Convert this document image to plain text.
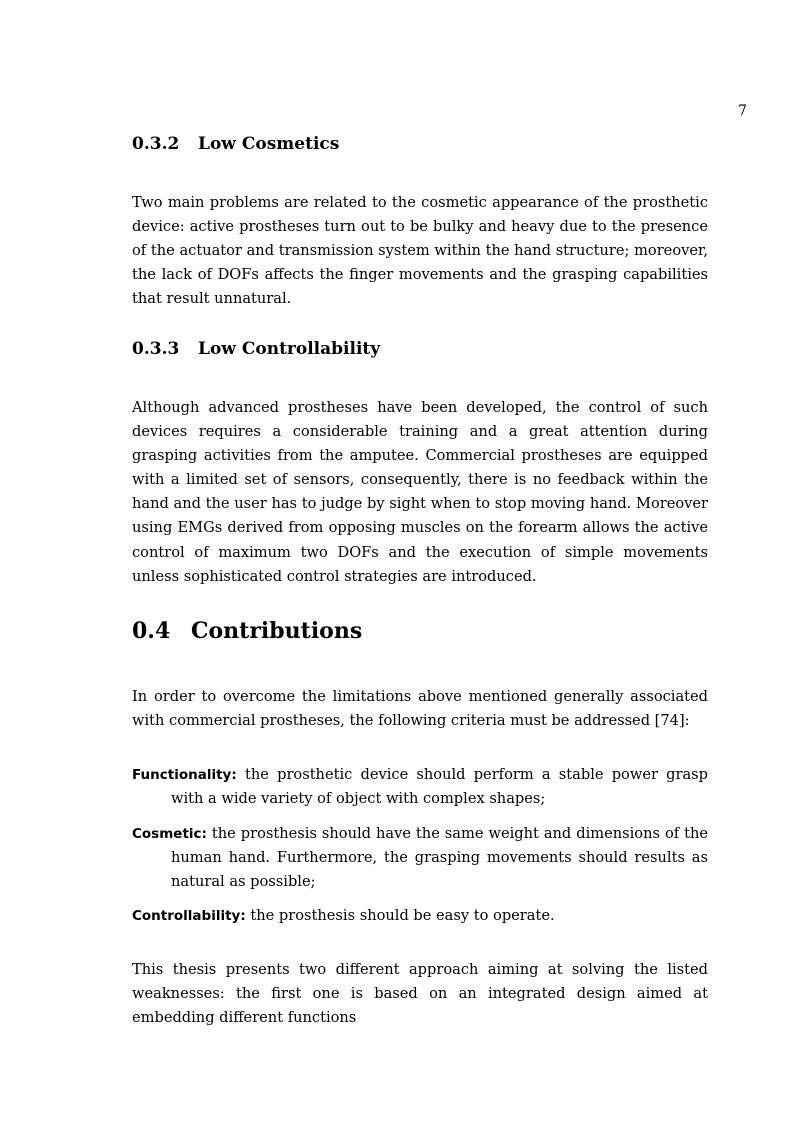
7
0.3.2 Low Cosmetics

Two main problems are related to the cosmetic appearance of the prosthetic device: active prostheses turn out to be bulky and heavy due to the presence of the actuator and transmission system within the hand structure; moreover, the lack of DOFs affects the finger movements and the grasping capabilities that result unnatural.

0.3.3 Low Controllability

Although advanced prostheses have been developed, the control of such devices requires a considerable training and a great attention during grasping activities from the amputee. Commercial prostheses are equipped with a limited set of sensors, consequently, there is no feedback within the hand and the user has to judge by sight when to stop moving hand. Moreover using EMGs derived from opposing muscles on the forearm allows the active control of maximum two DOFs and the execution of simple movements unless sophisticated control strategies are introduced.

0.4 Contributions

In order to overcome the limitations above mentioned generally associated with commercial prostheses, the following criteria must be addressed [74]:

Functionality: the prosthetic device should perform a stable power grasp with a wide variety of object with complex shapes;

Cosmetic: the prosthesis should have the same weight and dimensions of the human hand. Furthermore, the grasping movements should results as natural as possible;

Controllability: the prosthesis should be easy to operate.

This thesis presents two different approach aiming at solving the listed weaknesses: the first one is based on an integrated design aimed at embedding different functions
